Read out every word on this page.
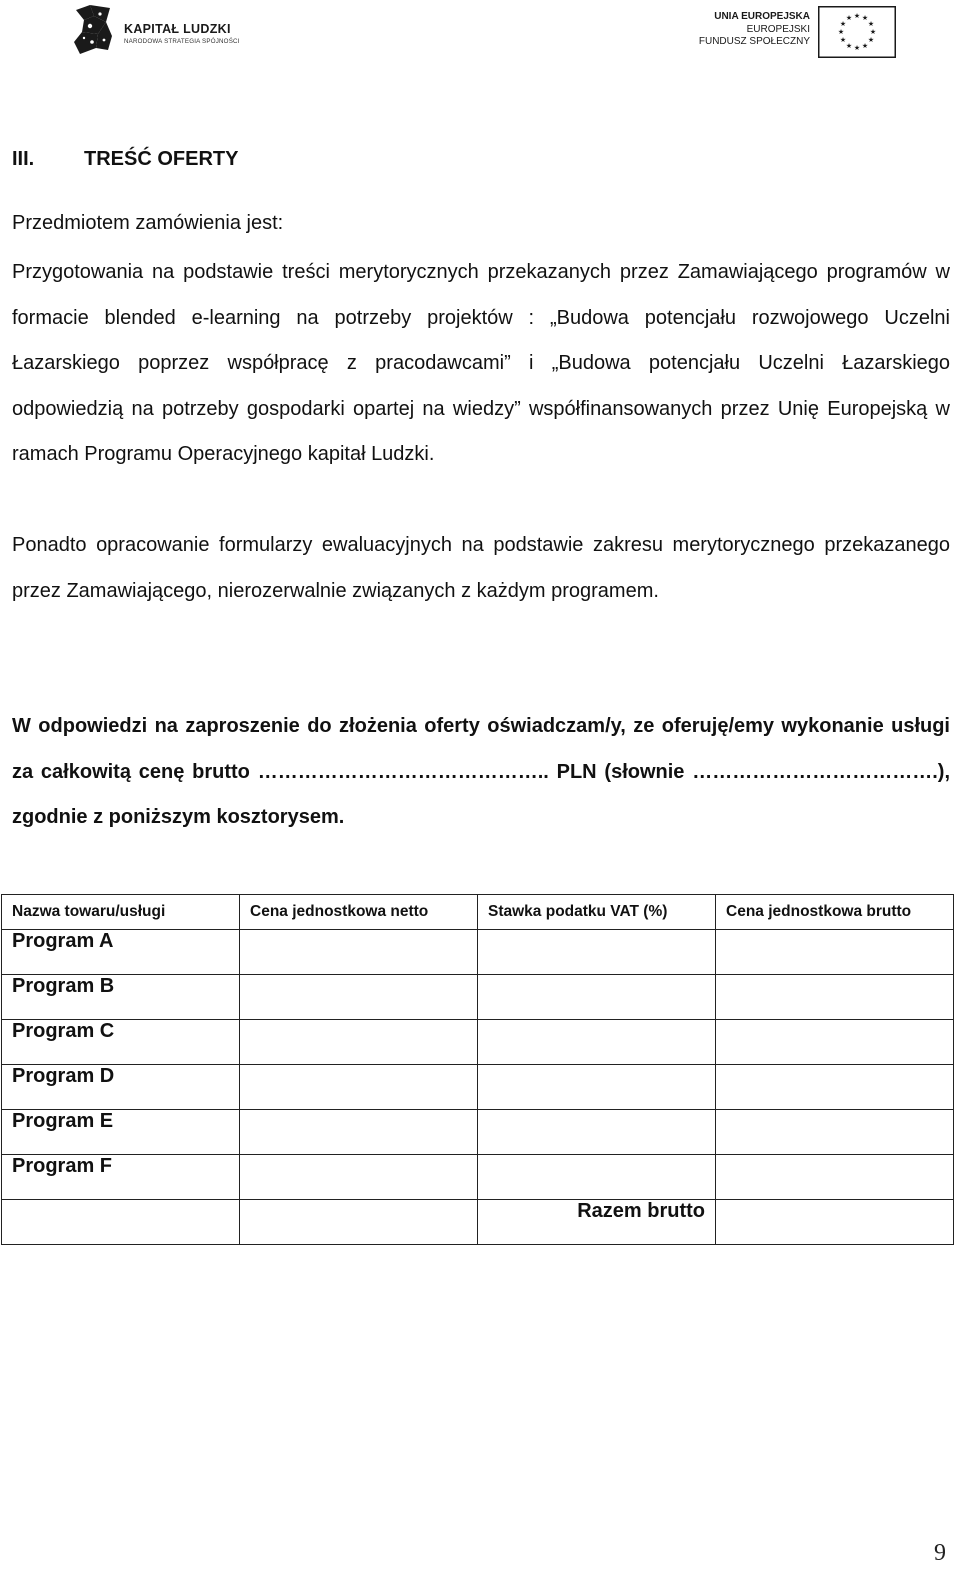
KAPITAŁ LUDZKI
NARODOWA STRATEGIA SPÓJNOŚCI
UNIA EUROPEJSKA
EUROPEJSKI
FUNDUSZ SPOŁECZNY
★ ★
★
★
★
★
★
★
★
★
★
★
III. TREŚĆ OFERTY
Przedmiotem zamówienia jest:
Przygotowania na podstawie treści merytorycznych przekazanych przez Zamawiającego programów w formacie blended e-learning na potrzeby projektów : „Budowa potencjału rozwojowego Uczelni Łazarskiego poprzez współpracę z pracodawcami” i „Budowa potencjału Uczelni Łazarskiego odpowiedzią na potrzeby gospodarki opartej na wiedzy” współfinansowanych przez Unię Europejską w ramach Programu Operacyjnego kapitał Ludzki.
Ponadto opracowanie formularzy ewaluacyjnych na podstawie zakresu merytorycznego przekazanego przez Zamawiającego, nierozerwalnie związanych z każdym programem.
W odpowiedzi na zaproszenie do złożenia oferty oświadczam/y, ze oferuję/emy wykonanie usługi za całkowitą cenę brutto …………………………………….. PLN (słownie ……………………………….), zgodnie z poniższym kosztorysem.
Nazwa towaru/usługi	Cena jednostkowa netto	Stawka podatku VAT (%)	Cena jednostkowa brutto
Program A			
Program B			
Program C			
Program D			
Program E			
Program F			
		Razem brutto	
9
